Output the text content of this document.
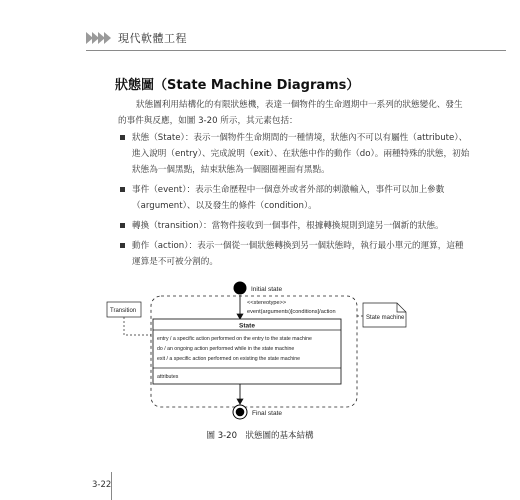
現代軟體工程
狀態圖（State Machine Diagrams）
狀態圖利用結構化的有限狀態機，表達一個物件的生命週期中一系列的狀態變化、發生的事件與反應，如圖 3-20 所示，其元素包括：
狀態（State）：表示一個物件生命期間的一種情境，狀態內不可以有屬性（attribute）、進入說明（entry）、完成說明（exit）、在狀態中作的動作（do）。兩種特殊的狀態，初始狀態為一個黑點，結束狀態為一個圈圈裡面有黑點。
事件（event）：表示生命歷程中一個意外或者外部的刺激輸入，事件可以加上參數（argument）、以及發生的條件（condition）。
轉換（transition）：當物件接收到一個事件，根據轉換規則到達另一個新的狀態。
動作（action）：表示一個從一個狀態轉換到另一個狀態時，執行最小單元的運算，這種運算是不可被分割的。
Initial state
<<stereotype>>
event(arguments)[conditions]/action
Transition
State machine
State
entry / a specific action performed on the entry to the state machine
do / an ongoing action performed while in the state machine
exit / a specific action performed on existing the state machine
attributes
Final state
圖 3-20　狀態圖的基本結構
3-22
